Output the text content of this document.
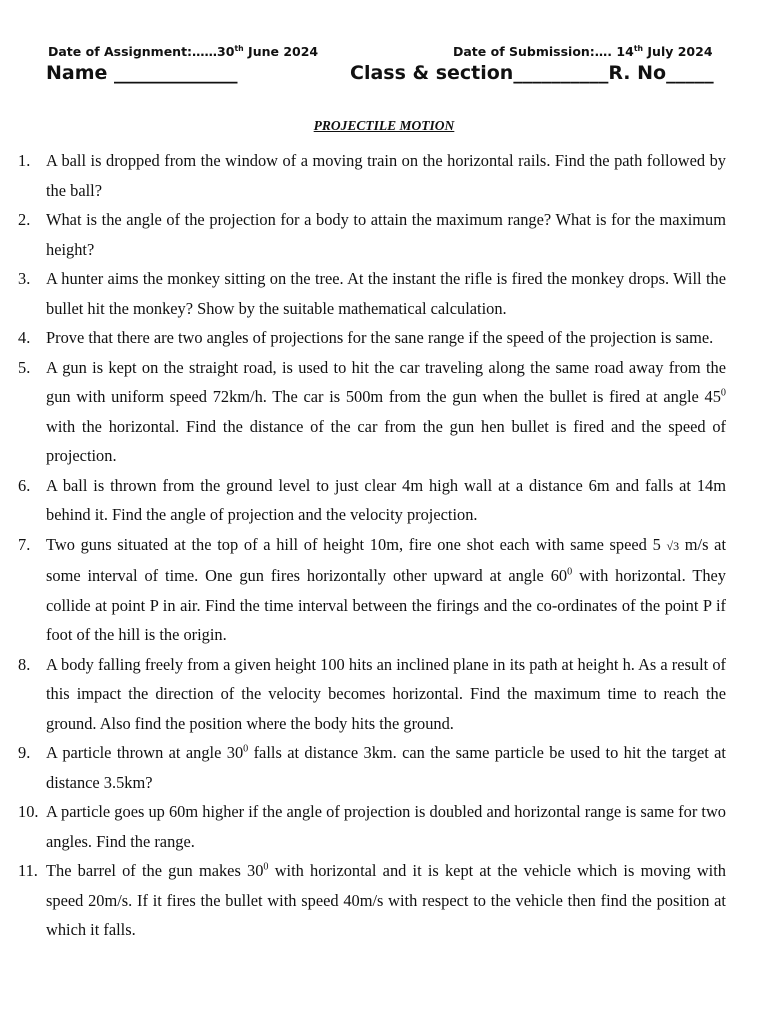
Date of Assignment:……30th June 2024	Date of Submission:…. 14th July 2024
Name _____________	Class & section__________R. No_____
PROJECTILE MOTION
1. A ball is dropped from the window of a moving train on the horizontal rails. Find the path followed by the ball?
2. What is the angle of the projection for a body to attain the maximum range? What is for the maximum height?
3. A hunter aims the monkey sitting on the tree. At the instant the rifle is fired the monkey drops. Will the bullet hit the monkey? Show by the suitable mathematical calculation.
4. Prove that there are two angles of projections for the sane range if the speed of the projection is same.
5. A gun is kept on the straight road, is used to hit the car traveling along the same road away from the gun with uniform speed 72km/h. The car is 500m from the gun when the bullet is fired at angle $45^0$ with the horizontal. Find the distance of the car from the gun hen bullet is fired and the speed of projection.
6. A ball is thrown from the ground level to just clear 4m high wall at a distance 6m and falls at 14m behind it. Find the angle of projection and the velocity projection.
7. Two guns situated at the top of a hill of height 10m, fire one shot each with same speed 5 √3 m/s at some interval of time. One gun fires horizontally other upward at angle $60^0$ with horizontal. They collide at point P in air. Find the time interval between the firings and the co-ordinates of the point P if foot of the hill is the origin.
8. A body falling freely from a given height 100 hits an inclined plane in its path at height h. As a result of this impact the direction of the velocity becomes horizontal. Find the maximum time to reach the ground. Also find the position where the body hits the ground.
9. A particle thrown at angle $30^0$ falls at distance 3km. can the same particle be used to hit the target at distance 3.5km?
10. A particle goes up 60m higher if the angle of projection is doubled and horizontal range is same for two angles. Find the range.
11. The barrel of the gun makes $30^0$ with horizontal and it is kept at the vehicle which is moving with speed 20m/s. If it fires the bullet with speed 40m/s with respect to the vehicle then find the position at which it falls.
